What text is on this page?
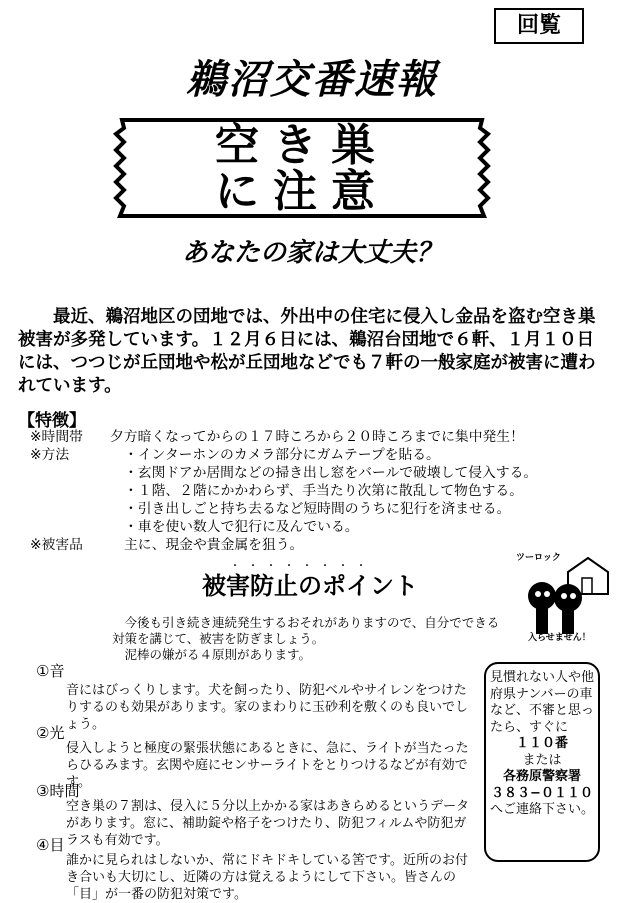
回覧
鵜沼交番速報
空き巣
に注意
あなたの家は大丈夫？
最近、鵜沼地区の団地では、外出中の住宅に侵入し金品を盗む空き巣被害が多発しています。１２月６日には、鵜沼台団地で６軒、１月１０日には、つつじが丘団地や松が丘団地などでも７軒の一般家庭が被害に遭われています。
【特徴】
※時間帯 夕方暗くなってからの１７時ころから２０時ころまでに集中発生！
※方法	・インターホンのカメラ部分にガムテープを貼る。
・玄関ドアか居間などの掃き出し窓をバールで破壊して侵入する。
・１階、２階にかかわらず、手当たり次第に散乱して物色する。
・引き出しごと持ち去るなど短時間のうちに犯行を済ませる。
・車を使い数人で犯行に及んでいる。
※被害品	主に、現金や貴金属を狙う。
・・・・・・・・
被害防止のポイント
ツーロック
入らせません！
今後も引き続き連続発生するおそれがありますので、自分でできる対策を講じて、被害を防ぎましょう。
泥棒の嫌がる４原則があります。
①音
音にはびっくりします。犬を飼ったり、防犯ベルやサイレンをつけたりするのも効果があります。家のまわりに玉砂利を敷くのも良いでしょう。
②光
侵入しようと極度の緊張状態にあるときに、急に、ライトが当たったらひるみます。玄関や庭にセンサーライトをとりつけるなどが有効です。
③時間
空き巣の７割は、侵入に５分以上かかる家はあきらめるというデータがあります。窓に、補助錠や格子をつけたり、防犯フィルムや防犯ガラスも有効です。
④目
誰かに見られはしないか、常にドキドキしている筈です。近所のお付き合いも大切にし、近隣の方は覚えるようにして下さい。皆さんの「目」が一番の防犯対策です。
見慣れない人や他府県ナンバーの車など、不審と思ったら、すぐに
１１０番
または
各務原警察署
３８３−０１１０
へご連絡下さい。
